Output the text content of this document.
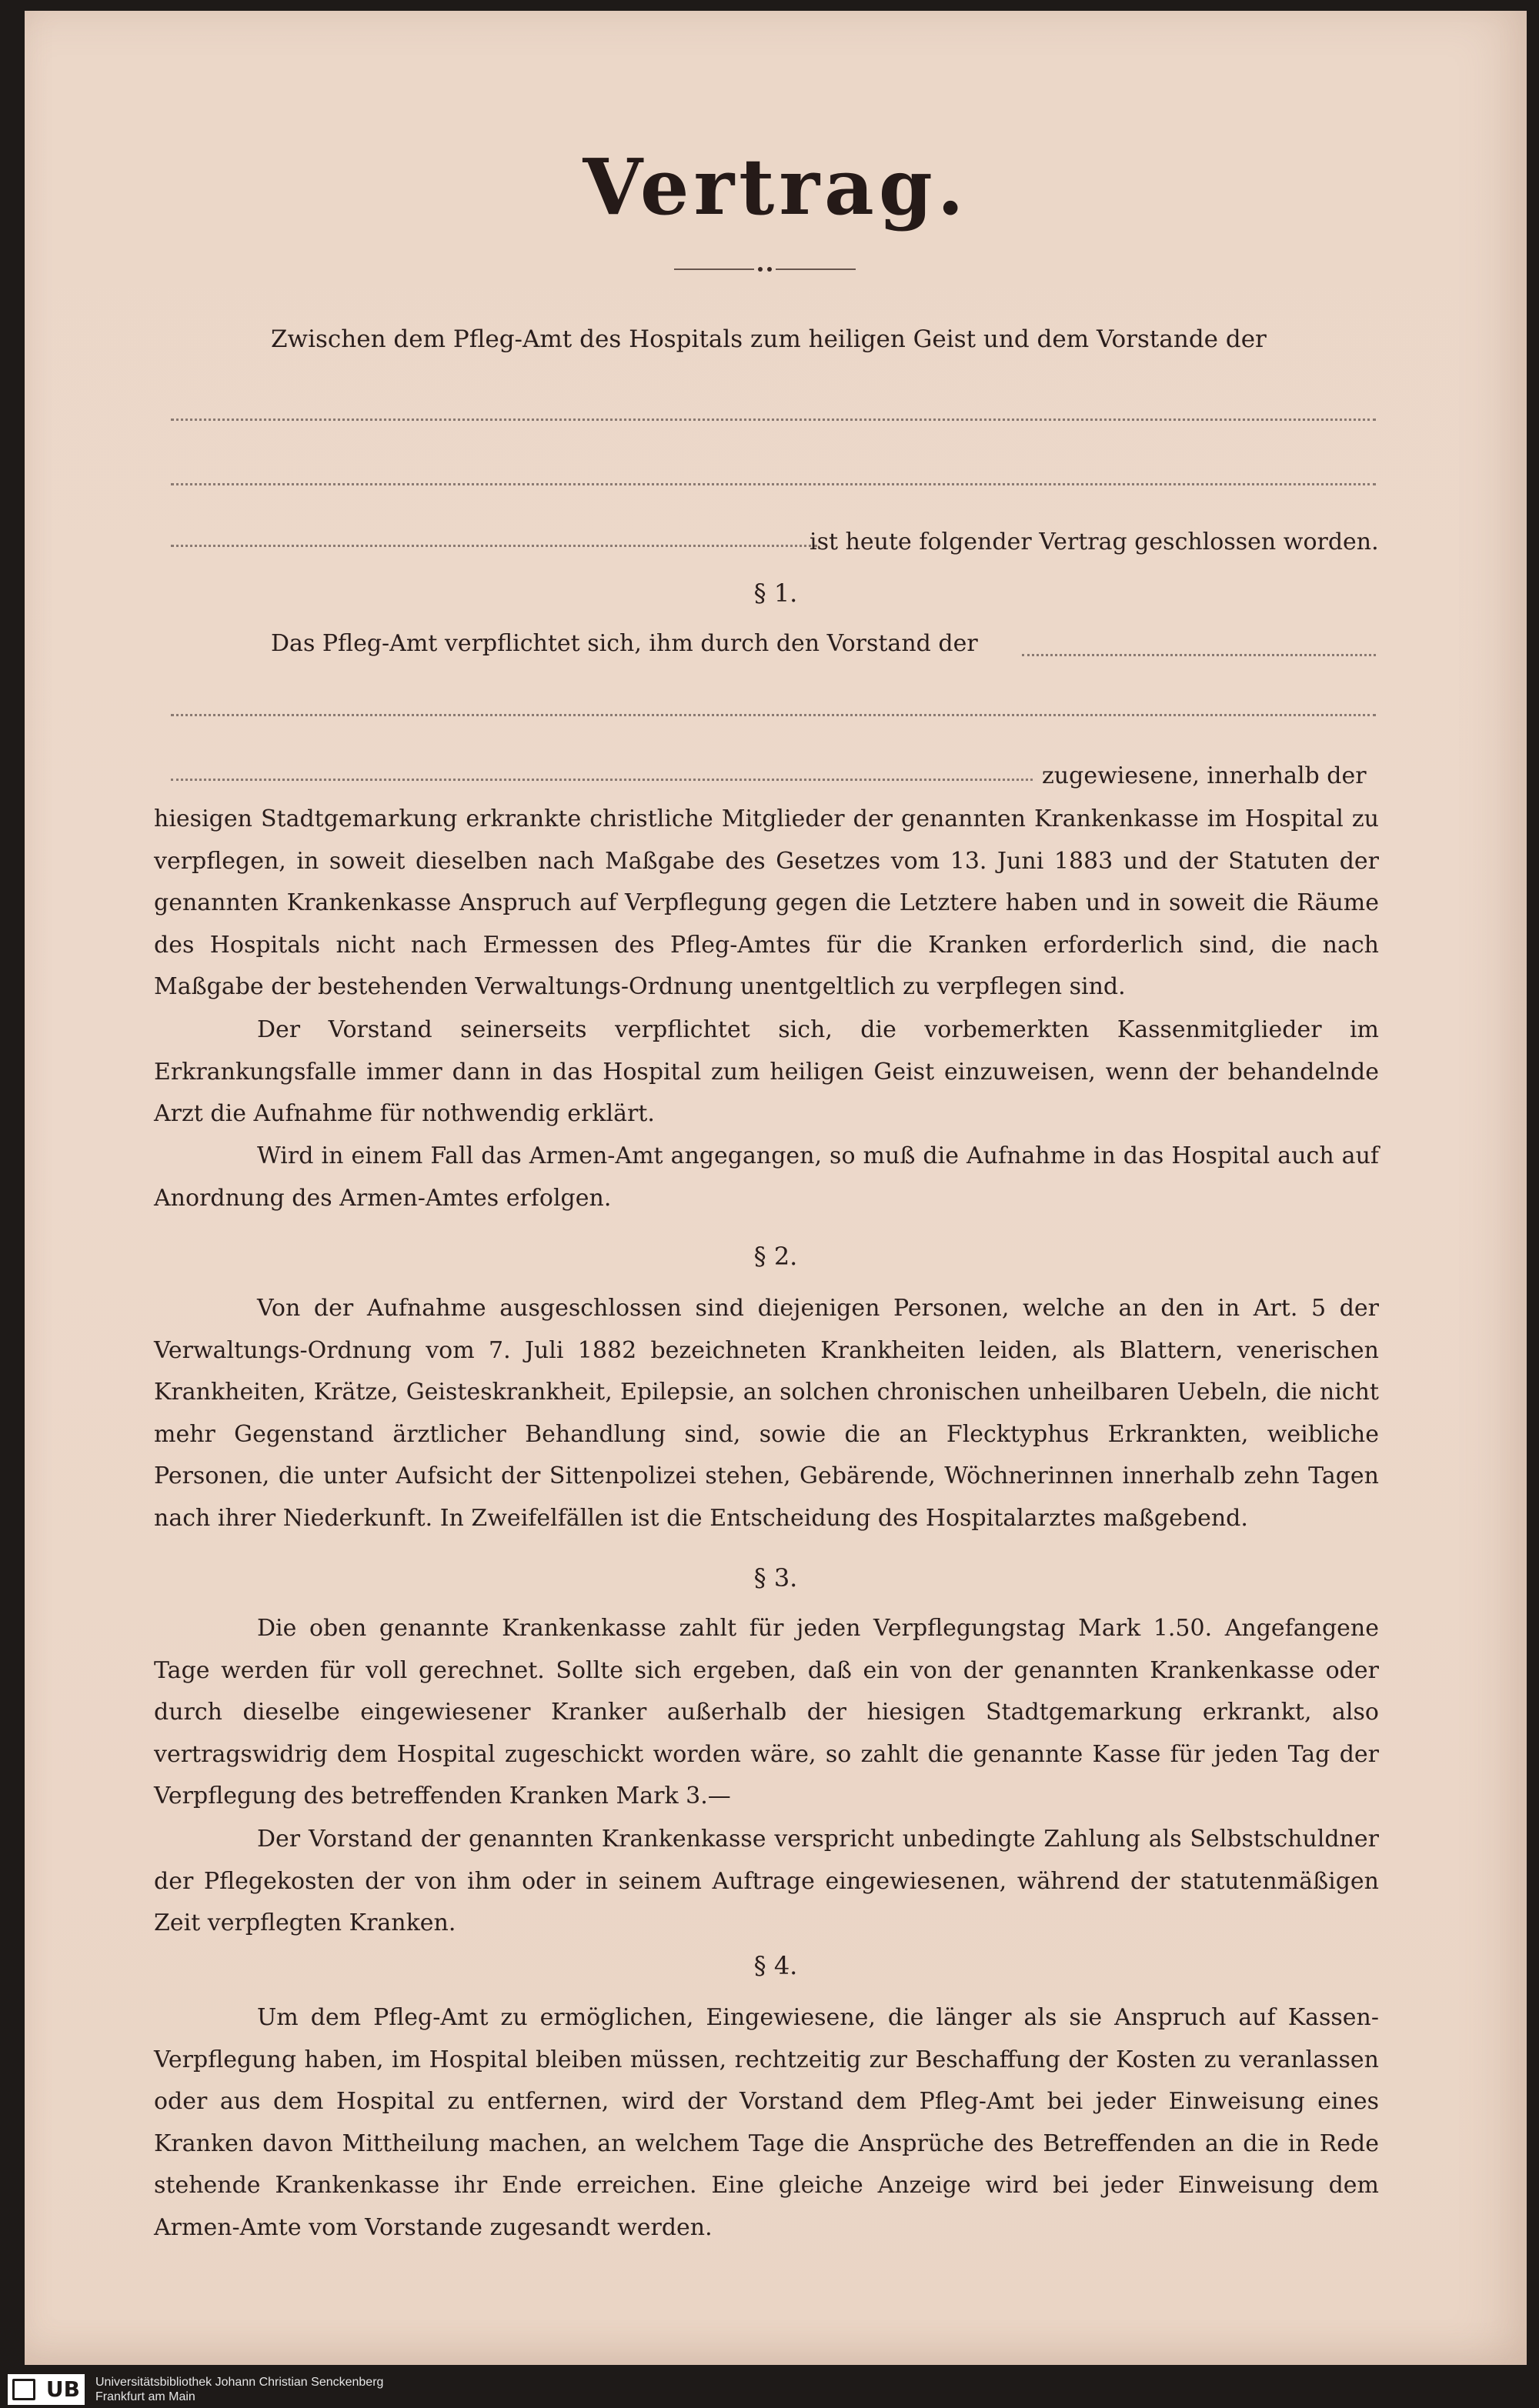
Vertrag.
Zwischen dem Pfleg-Amt des Hospitals zum heiligen Geist und dem Vorstande der
ist heute folgender Vertrag geschlossen worden.
§ 1.
Das Pfleg-Amt verpflichtet sich, ihm durch den Vorstand der
zugewiesene, innerhalb der

hiesigen Stadtgemarkung erkrankte christliche Mitglieder der genannten Krankenkasse im Hospital zu verpflegen, in soweit dieselben nach Maßgabe des Gesetzes vom 13. Juni 1883 und der Statuten der genannten Krankenkasse Anspruch auf Verpflegung gegen die Letztere haben und in soweit die Räume des Hospitals nicht nach Ermessen des Pfleg-Amtes für die Kranken erforderlich sind, die nach Maßgabe der bestehenden Verwaltungs-Ordnung unentgeltlich zu verpflegen sind.

Der Vorstand seinerseits verpflichtet sich, die vorbemerkten Kassenmitglieder im Erkrankungsfalle immer dann in das Hospital zum heiligen Geist einzuweisen, wenn der behandelnde Arzt die Aufnahme für nothwendig erklärt.

Wird in einem Fall das Armen-Amt angegangen, so muß die Aufnahme in das Hospital auch auf Anordnung des Armen-Amtes erfolgen.

§ 2.

Von der Aufnahme ausgeschlossen sind diejenigen Personen, welche an den in Art. 5 der Verwaltungs-Ordnung vom 7. Juli 1882 bezeichneten Krankheiten leiden, als Blattern, venerischen Krankheiten, Krätze, Geisteskrankheit, Epilepsie, an solchen chronischen unheilbaren Uebeln, die nicht mehr Gegenstand ärztlicher Behandlung sind, sowie die an Flecktyphus Erkrankten, weibliche Personen, die unter Aufsicht der Sittenpolizei stehen, Gebärende, Wöchnerinnen innerhalb zehn Tagen nach ihrer Niederkunft. In Zweifelfällen ist die Entscheidung des Hospitalarztes maßgebend.

§ 3.

Die oben genannte Krankenkasse zahlt für jeden Verpflegungstag Mark 1.50. Angefangene Tage werden für voll gerechnet. Sollte sich ergeben, daß ein von der genannten Krankenkasse oder durch dieselbe eingewiesener Kranker außerhalb der hiesigen Stadtgemarkung erkrankt, also vertragswidrig dem Hospital zugeschickt worden wäre, so zahlt die genannte Kasse für jeden Tag der Verpflegung des betreffenden Kranken Mark 3.—

Der Vorstand der genannten Krankenkasse verspricht unbedingte Zahlung als Selbstschuldner der Pflegekosten der von ihm oder in seinem Auftrage eingewiesenen, während der statutenmäßigen Zeit verpflegten Kranken.

§ 4.

Um dem Pfleg-Amt zu ermöglichen, Eingewiesene, die länger als sie Anspruch auf Kassen-Verpflegung haben, im Hospital bleiben müssen, rechtzeitig zur Beschaffung der Kosten zu veranlassen oder aus dem Hospital zu entfernen, wird der Vorstand dem Pfleg-Amt bei jeder Einweisung eines Kranken davon Mittheilung machen, an welchem Tage die Ansprüche des Betreffenden an die in Rede stehende Krankenkasse ihr Ende erreichen. Eine gleiche Anzeige wird bei jeder Einweisung dem Armen-Amte vom Vorstande zugesandt werden.

UB	Universitätsbibliothek Johann Christian Senckenberg
Frankfurt am Main
